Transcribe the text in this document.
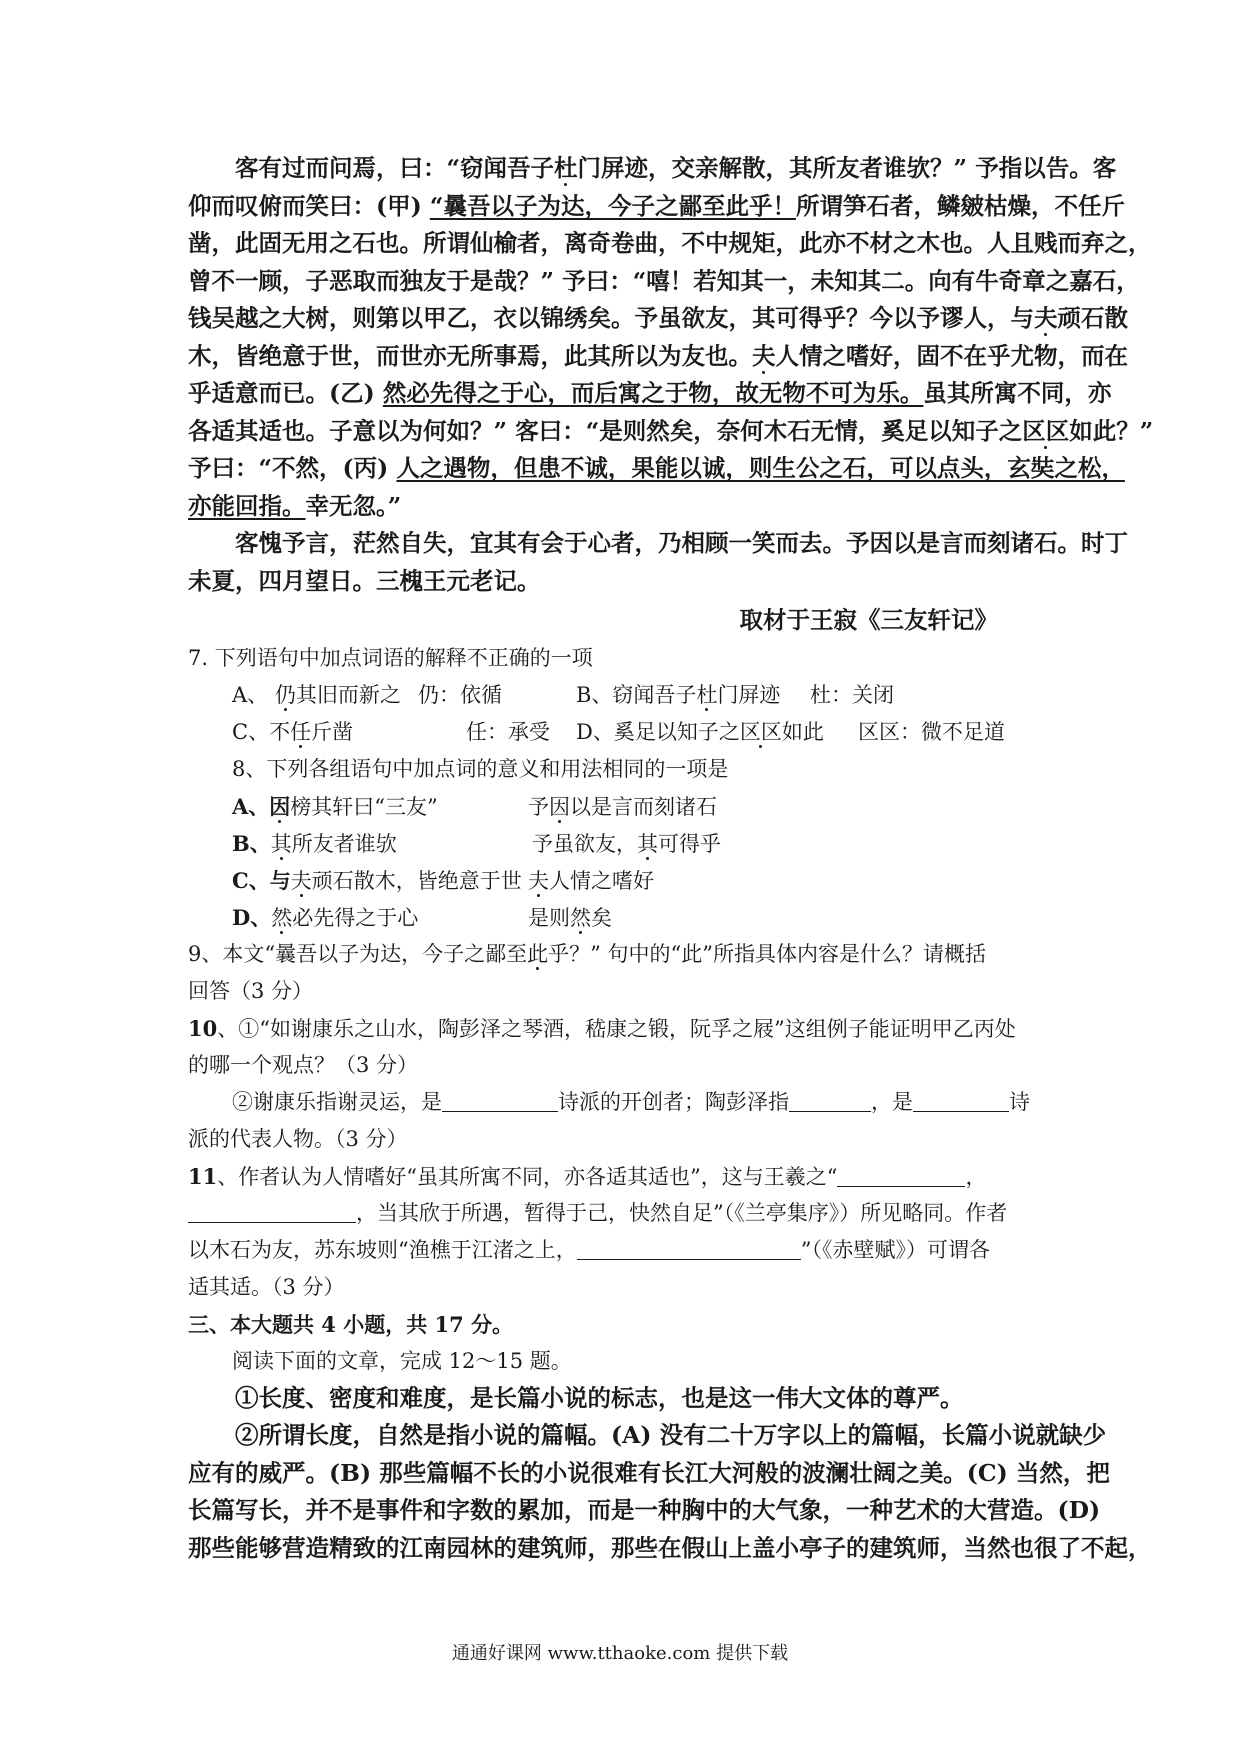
客有过而问焉，曰：“窃闻吾子杜门屏迹，交亲解散，其所友者谁欤？” 予指以告。客
仰而叹俯而笑曰：(甲) “曩吾以子为达，今子之鄙至此乎！所谓笋石者，鳞皴枯燥，不任斤
凿，此固无用之石也。所谓仙榆者，离奇卷曲，不中规矩，此亦不材之木也。人且贱而弃之，
曾不一顾，子恶取而独友于是哉？” 予曰：“嘻！若知其一，未知其二。向有牛奇章之嘉石，
钱吴越之大树，则第以甲乙，衣以锦绣矣。予虽欲友，其可得乎？今以予谬人，与夫顽石散
木，皆绝意于世，而世亦无所事焉，此其所以为友也。夫人情之嗜好，固不在乎尤物，而在
乎适意而已。(乙) 然必先得之于心，而后寓之于物，故无物不可为乐。虽其所寓不同，亦
各适其适也。子意以为何如？” 客曰：“是则然矣，奈何木石无情，奚足以知子之区区如此？”
予曰：“不然，(丙) 人之遇物，但患不诚，果能以诚，则生公之石，可以点头，玄奘之松，
亦能回指。幸无忽。”
客愧予言，茫然自失，宜其有会于心者，乃相顾一笑而去。予因以是言而刻诸石。时丁
未夏，四月望日。三槐王元老记。
取材于王寂《三友轩记》
7. 下列语句中加点词语的解释不正确的一项
A、 仍其旧而新之 仍：依循	B、窃闻吾子杜门屏迹 杜：关闭
C、不任斤凿	任：承受 D、奚足以知子之区区如此 区区：微不足道
8、下列各组语句中加点词的意义和用法相同的一项是
A、因榜其轩曰“三友”	予因以是言而刻诸石
B、其所友者谁欤	予虽欲友，其可得乎
C、与夫顽石散木，皆绝意于世 夫人情之嗜好
D、然必先得之于心	是则然矣
9、本文“曩吾以子为达，今子之鄙至此乎？” 句中的“此”所指具体内容是什么？请概括
回答（3 分）
10、①“如谢康乐之山水，陶彭泽之琴酒，嵇康之锻，阮孚之屐”这组例子能证明甲乙丙处
的哪一个观点？（3 分）
②谢康乐指谢灵运，是	诗派的开创者；陶彭泽指	，是	诗
派的代表人物。（3 分）
11、作者认为人情嗜好“虽其所寓不同，亦各适其适也”，这与王羲之“	，
，当其欣于所遇，暂得于己，快然自足”（《兰亭集序》）所见略同。作者
以木石为友，苏东坡则“渔樵于江渚之上，	”（《赤壁赋》）可谓各
适其适。（3 分）
三、本大题共 4 小题，共 17 分。
阅读下面的文章，完成 12～15 题。
①长度、密度和难度，是长篇小说的标志，也是这一伟大文体的尊严。
②所谓长度，自然是指小说的篇幅。(A) 没有二十万字以上的篇幅，长篇小说就缺少
应有的威严。(B) 那些篇幅不长的小说很难有长江大河般的波澜壮阔之美。(C) 当然，把
长篇写长，并不是事件和字数的累加，而是一种胸中的大气象，一种艺术的大营造。(D)
那些能够营造精致的江南园林的建筑师，那些在假山上盖小亭子的建筑师，当然也很了不起，
通通好课网 www.tthaoke.com 提供下载
